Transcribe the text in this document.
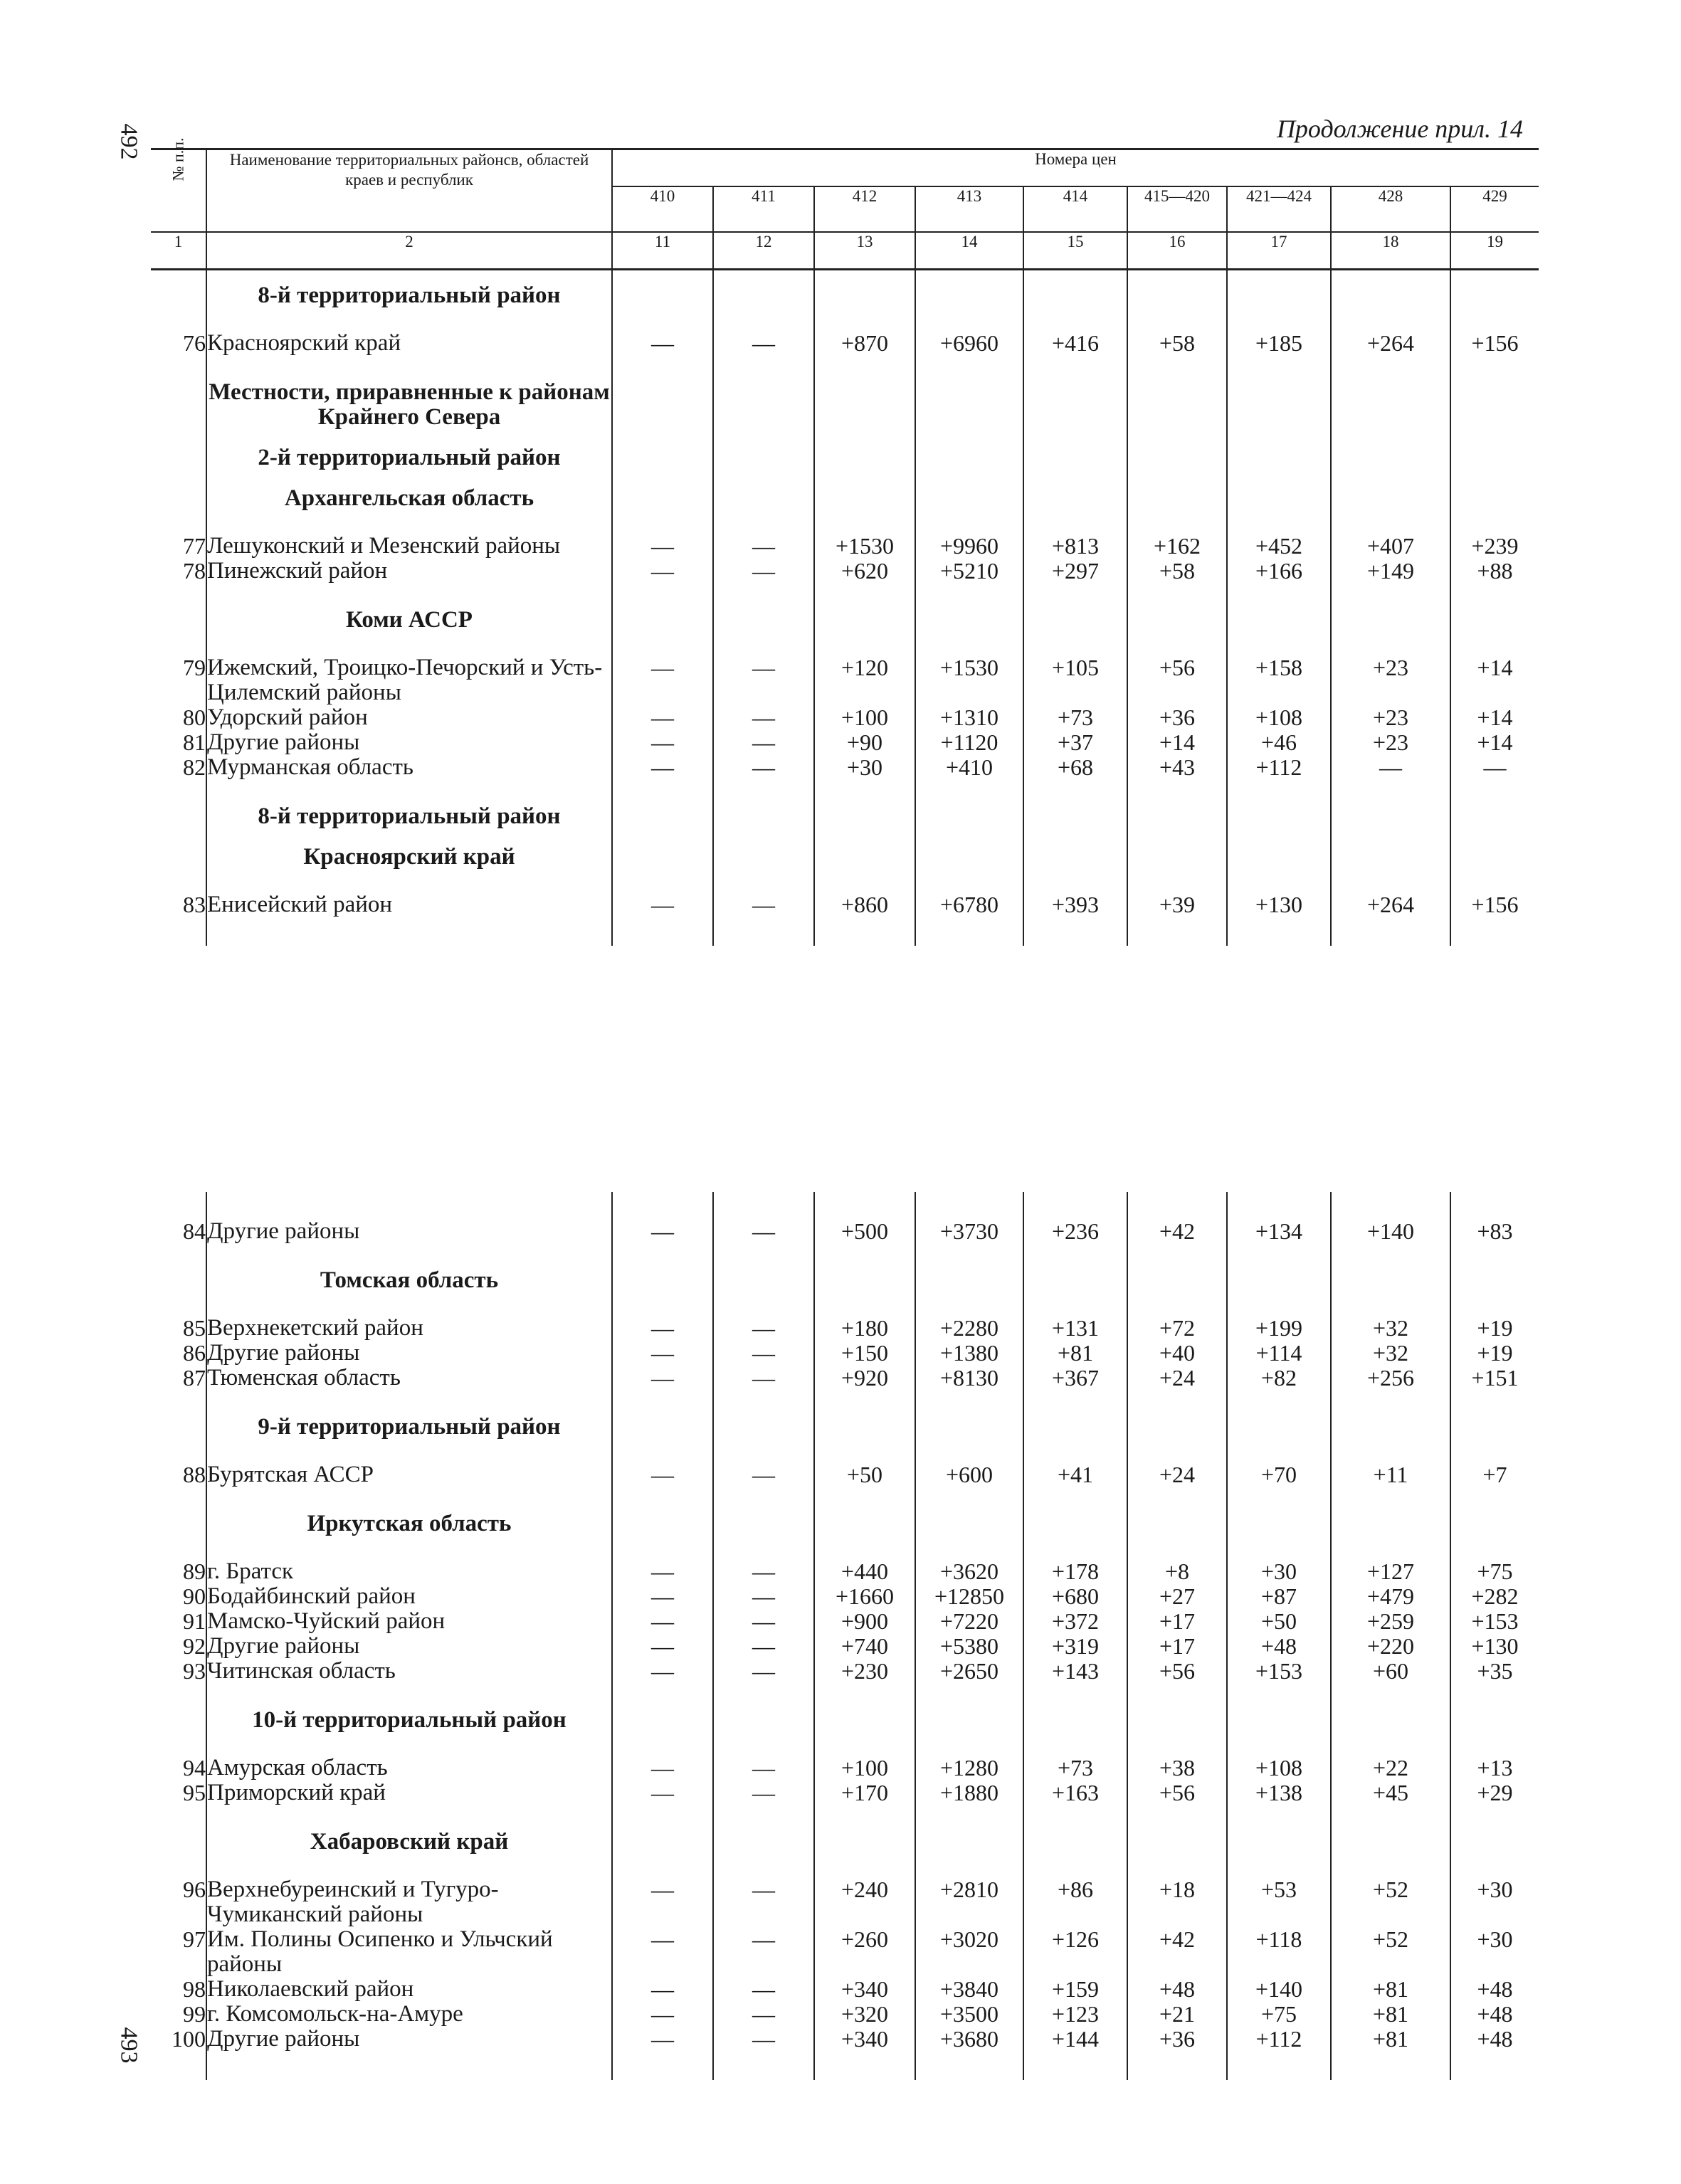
492
493
Продолжение прил. 14
№ п.п.	Наименование территориальных районсв, областей краев и республик	Номера цен								
		410	411	412	413	414	415—420	421—424	428	429
1	2	11	12	13	14	15	16	17	18	19
	8-й территориальный район									
76	Красноярский край	—	—	+870	+6960	+416	+58	+185	+264	+156
	Местности, приравненные к районам Крайнего Севера									
	2-й территориальный район									
	Архангельская область									
77	Лешуконский и Мезенский районы	—	—	+1530	+9960	+813	+162	+452	+407	+239
78	Пинежский район	—	—	+620	+5210	+297	+58	+166	+149	+88
	Коми АССР									
79	Ижемский, Троицко-Печорский и Усть-Цилемский районы	—	—	+120	+1530	+105	+56	+158	+23	+14
80	Удорский район	—	—	+100	+1310	+73	+36	+108	+23	+14
81	Другие районы	—	—	+90	+1120	+37	+14	+46	+23	+14
82	Мурманская область	—	—	+30	+410	+68	+43	+112	—	—
	8-й территориальный район									
	Красноярский край									
83	Енисейский район	—	—	+860	+6780	+393	+39	+130	+264	+156

84	Другие районы	—	—	+500	+3730	+236	+42	+134	+140	+83
	Томская область									
85	Верхнекетский район	—	—	+180	+2280	+131	+72	+199	+32	+19
86	Другие районы	—	—	+150	+1380	+81	+40	+114	+32	+19
87	Тюменская область	—	—	+920	+8130	+367	+24	+82	+256	+151
	9-й территориальный район									
88	Бурятская АССР	—	—	+50	+600	+41	+24	+70	+11	+7
	Иркутская область									
89	г. Братск	—	—	+440	+3620	+178	+8	+30	+127	+75
90	Бодайбинский район	—	—	+1660	+12850	+680	+27	+87	+479	+282
91	Мамско-Чуйский район	—	—	+900	+7220	+372	+17	+50	+259	+153
92	Другие районы	—	—	+740	+5380	+319	+17	+48	+220	+130
93	Читинская область	—	—	+230	+2650	+143	+56	+153	+60	+35
	10-й территориальный район									
94	Амурская область	—	—	+100	+1280	+73	+38	+108	+22	+13
95	Приморский край	—	—	+170	+1880	+163	+56	+138	+45	+29
	Хабаровский край									
96	Верхнебуреинский и Тугуро-Чумиканский районы	—	—	+240	+2810	+86	+18	+53	+52	+30
97	Им. Полины Осипенко и Ульчский районы	—	—	+260	+3020	+126	+42	+118	+52	+30
98	Николаевский район	—	—	+340	+3840	+159	+48	+140	+81	+48
99	г. Комсомольск-на-Амуре	—	—	+320	+3500	+123	+21	+75	+81	+48
100	Другие районы	—	—	+340	+3680	+144	+36	+112	+81	+48
